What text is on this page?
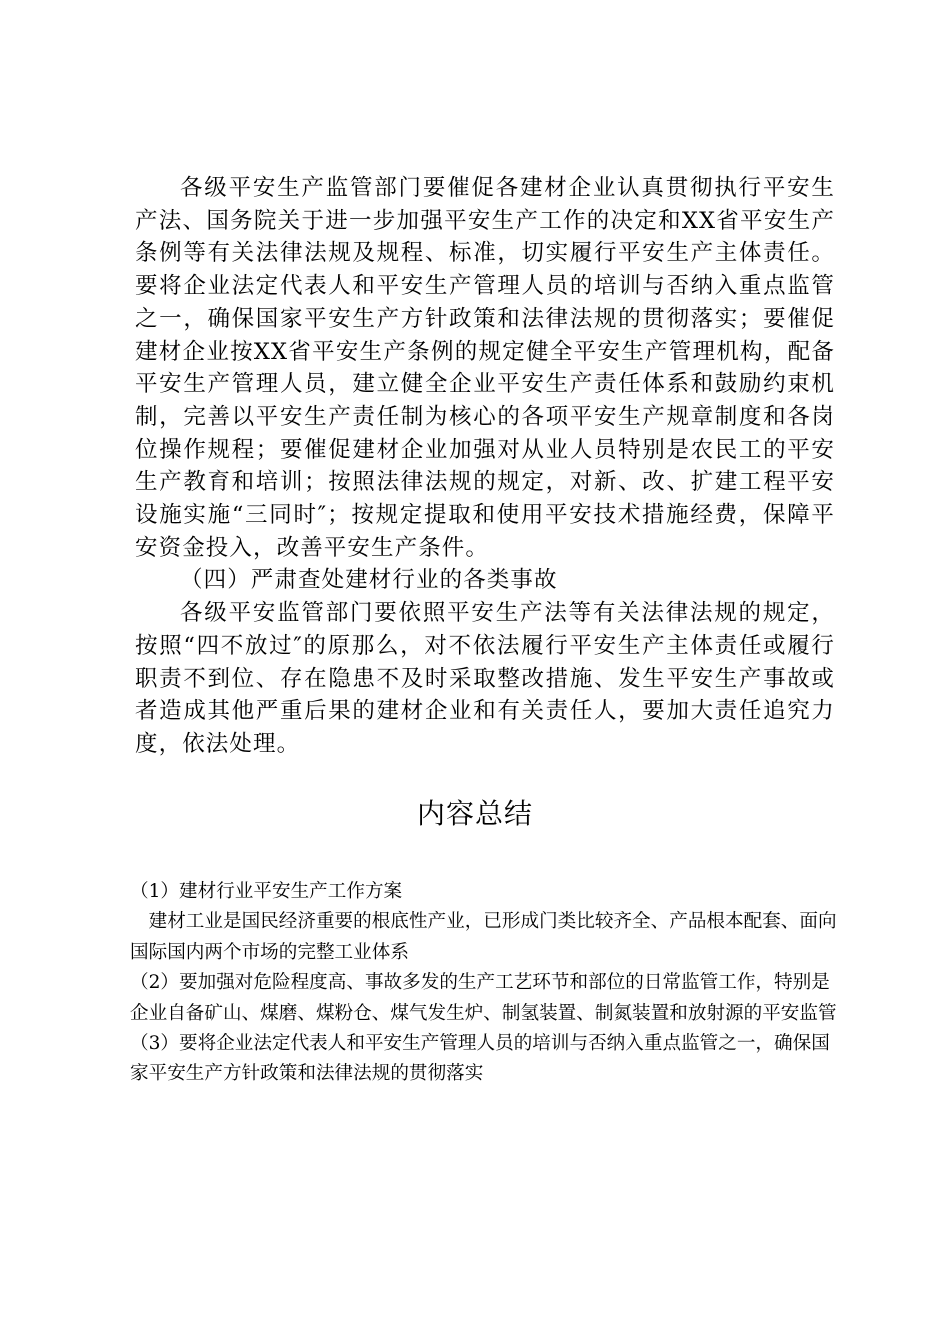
各级平安生产监管部门要催促各建材企业认真贯彻执行平安生产法、国务院关于进一步加强平安生产工作的决定和XX省平安生产条例等有关法律法规及规程、标准，切实履行平安生产主体责任。要将企业法定代表人和平安生产管理人员的培训与否纳入重点监管之一，确保国家平安生产方针政策和法律法规的贯彻落实；要催促建材企业按XX省平安生产条例的规定健全平安生产管理机构，配备平安生产管理人员，建立健全企业平安生产责任体系和鼓励约束机制，完善以平安生产责任制为核心的各项平安生产规章制度和各岗位操作规程；要催促建材企业加强对从业人员特别是农民工的平安生产教育和培训；按照法律法规的规定，对新、改、扩建工程平安设施实施“三同时″；按规定提取和使用平安技术措施经费，保障平安资金投入，改善平安生产条件。

（四）严肃查处建材行业的各类事故

各级平安监管部门要依照平安生产法等有关法律法规的规定，按照“四不放过″的原那么，对不依法履行平安生产主体责任或履行职责不到位、存在隐患不及时采取整改措施、发生平安生产事故或者造成其他严重后果的建材企业和有关责任人，要加大责任追究力度，依法处理。

内容总结

（1）建材行业平安生产工作方案

建材工业是国民经济重要的根底性产业，已形成门类比较齐全、产品根本配套、面向国际国内两个市场的完整工业体系

（2）要加强对危险程度高、事故多发的生产工艺环节和部位的日常监管工作，特别是企业自备矿山、煤磨、煤粉仓、煤气发生炉、制氢装置、制氮装置和放射源的平安监管

（3）要将企业法定代表人和平安生产管理人员的培训与否纳入重点监管之一，确保国家平安生产方针政策和法律法规的贯彻落实
